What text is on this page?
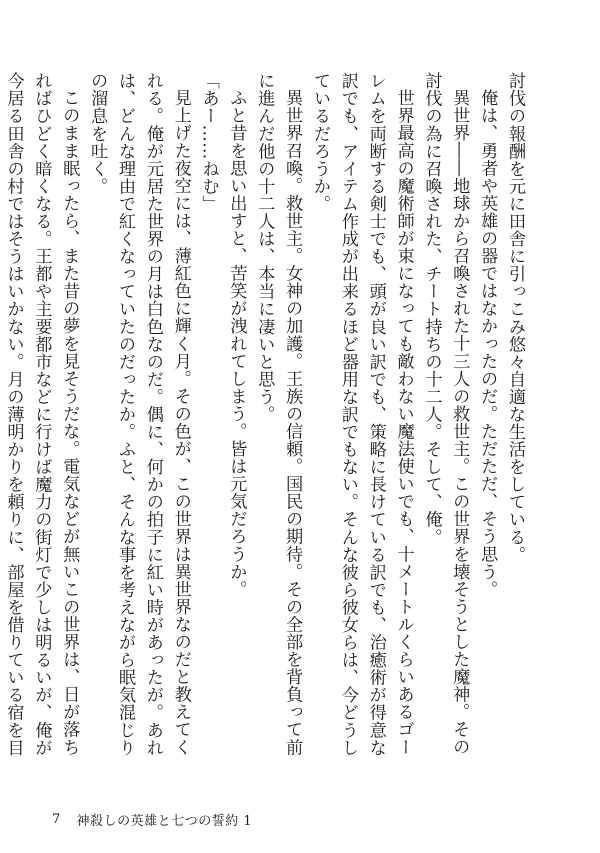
討伐の報酬を元に田舎に引っこみ悠々自適な生活をしている。

俺は、勇者や英雄の器ではなかったのだ。ただただ、そう思う。

異世界――地球から召喚された十三人の救世主。この世界を壊そうとした魔神。その討伐の為に召喚された、チート持ちの十二人。そして、俺。

世界最高の魔術師が束になっても敵わない魔法使いでも、十メートルくらいあるゴーレムを両断する剣士でも、頭が良い訳でも、策略に長けている訳でも、治癒術が得意な訳でも、アイテム作成が出来るほど器用な訳でもない。そんな彼ら彼女らは、今どうしているだろうか。

異世界召喚。救世主。女神の加護。王族の信頼。国民の期待。その全部を背負って前に進んだ他の十二人は、本当に凄いと思う。

ふと昔を思い出すと、苦笑が洩れてしまう。皆は元気だろうか。

「あー……ねむ」

見上げた夜空には、薄紅色に輝く月。その色が、この世界は異世界なのだと教えてくれる。俺が元居た世界の月は白色なのだ。偶に、何かの拍子に紅い時があったが。あれは、どんな理由で紅くなっていたのだったか。ふと、そんな事を考えながら眠気混じりの溜息を吐く。

このまま眠ったら、また昔の夢を見そうだな。電気などが無いこの世界は、日が落ちればひどく暗くなる。王都や主要都市などに行けば魔力の街灯で少しは明るいが、俺が今居る田舎の村ではそうはいかない。月の薄明かりを頼りに、部屋を借りている宿を目

7 神殺しの英雄と七つの誓約 1
